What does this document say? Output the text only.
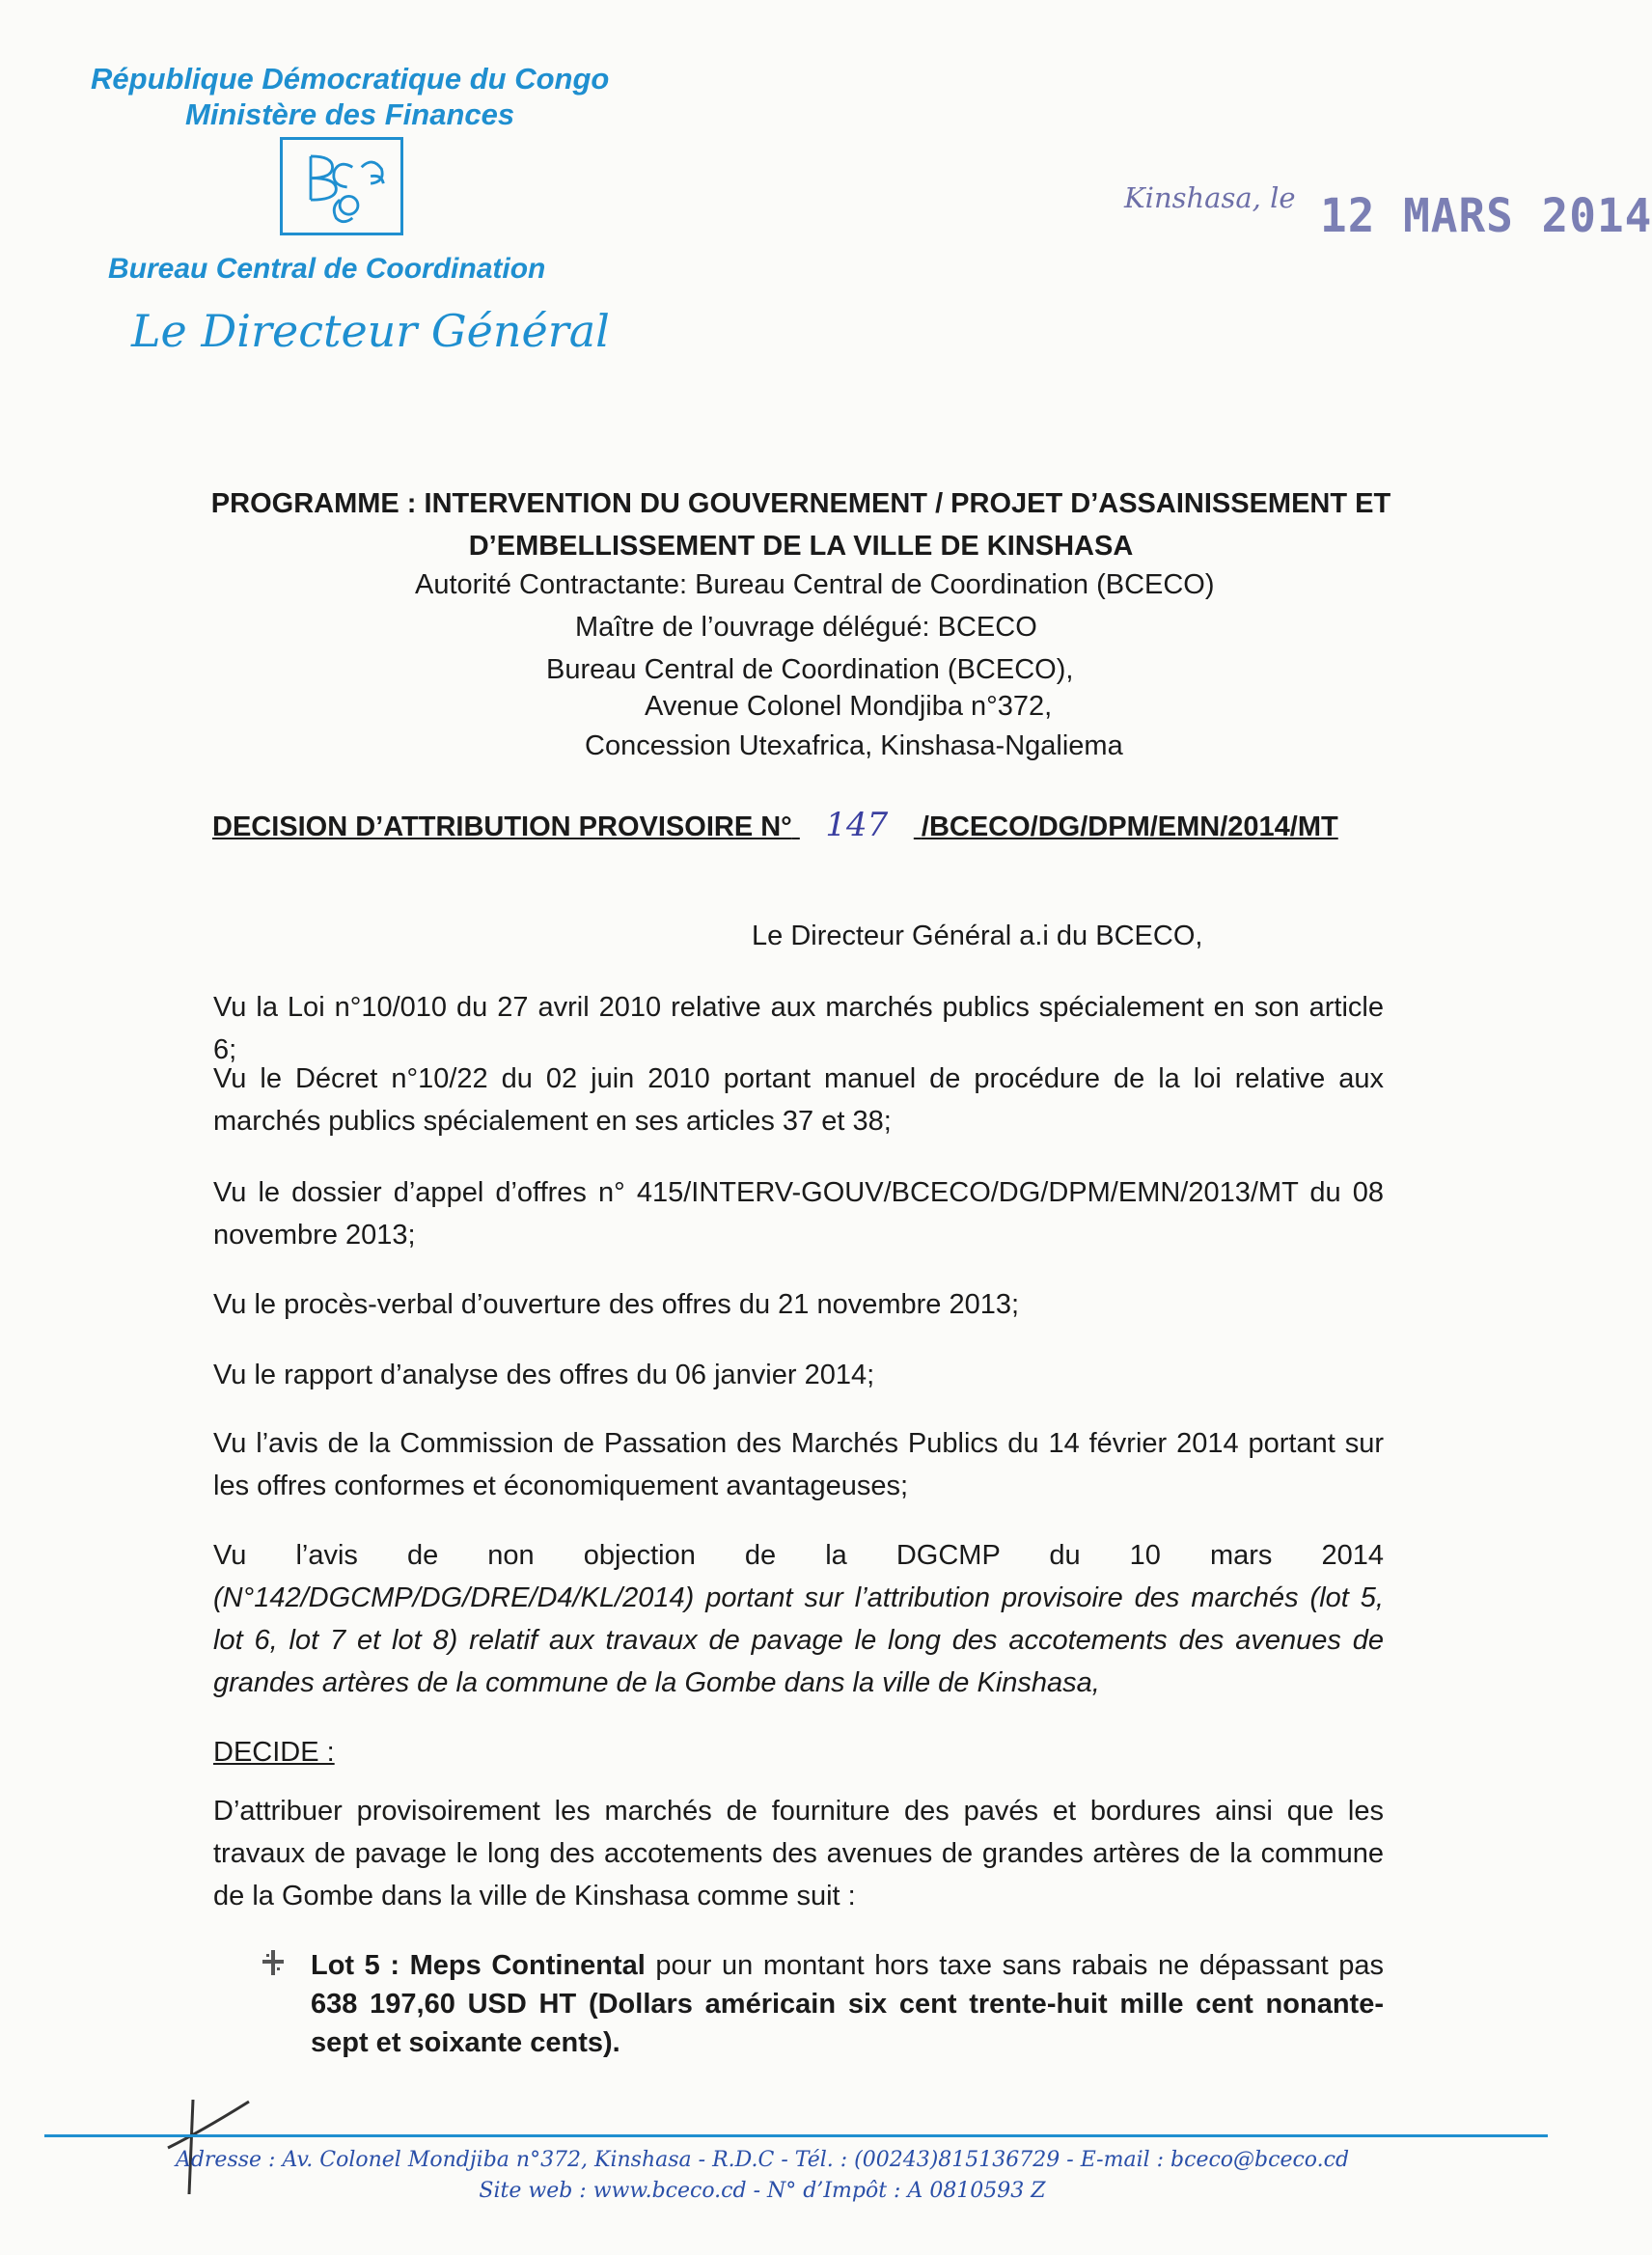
République Démocratique du Congo
Ministère des Finances
Bureau Central de Coordination
Le Directeur Général
Kinshasa, le 12 MARS 2014
PROGRAMME : INTERVENTION DU GOUVERNEMENT / PROJET D’ASSAINISSEMENT ET D’EMBELLISSEMENT DE LA VILLE DE KINSHASA
Autorité Contractante: Bureau Central de Coordination (BCECO)
Maître de l’ouvrage délégué: BCECO
Bureau Central de Coordination (BCECO),
Avenue Colonel Mondjiba n°372,
Concession Utexafrica, Kinshasa-Ngaliema
DECISION D’ATTRIBUTION PROVISOIRE N° 147 /BCECO/DG/DPM/EMN/2014/MT
Le Directeur Général a.i du BCECO,
Vu la Loi n°10/010 du 27 avril 2010 relative aux marchés publics spécialement en son article 6;
Vu le Décret n°10/22 du 02 juin 2010 portant manuel de procédure de la loi relative aux marchés publics spécialement en ses articles 37 et 38;
Vu le dossier d’appel d’offres n° 415/INTERV-GOUV/BCECO/DG/DPM/EMN/2013/MT du 08 novembre 2013;
Vu le procès-verbal d’ouverture des offres du 21 novembre 2013;
Vu le rapport d’analyse des offres du 06 janvier 2014;
Vu l’avis de la Commission de Passation des Marchés Publics du 14 février 2014 portant sur les offres conformes et économiquement avantageuses;
Vu l’avis de non objection de la DGCMP du 10 mars 2014 (N°142/DGCMP/DG/DRE/D4/KL/2014) portant sur l’attribution provisoire des marchés (lot 5, lot 6, lot 7 et lot 8) relatif aux travaux de pavage le long des accotements des avenues de grandes artères de la commune de la Gombe dans la ville de Kinshasa,
DECIDE :
D’attribuer provisoirement les marchés de fourniture des pavés et bordures ainsi que les travaux de pavage le long des accotements des avenues de grandes artères de la commune de la Gombe dans la ville de Kinshasa comme suit :
Lot 5 : Meps Continental pour un montant hors taxe sans rabais ne dépassant pas 638 197,60 USD HT (Dollars américain six cent trente-huit mille cent nonante-sept et soixante cents).
Adresse : Av. Colonel Mondjiba n°372, Kinshasa - R.D.C - Tél. : (00243)815136729 - E-mail : bceco@bceco.cd
Site web : www.bceco.cd - N° d’Impôt : A 0810593 Z
